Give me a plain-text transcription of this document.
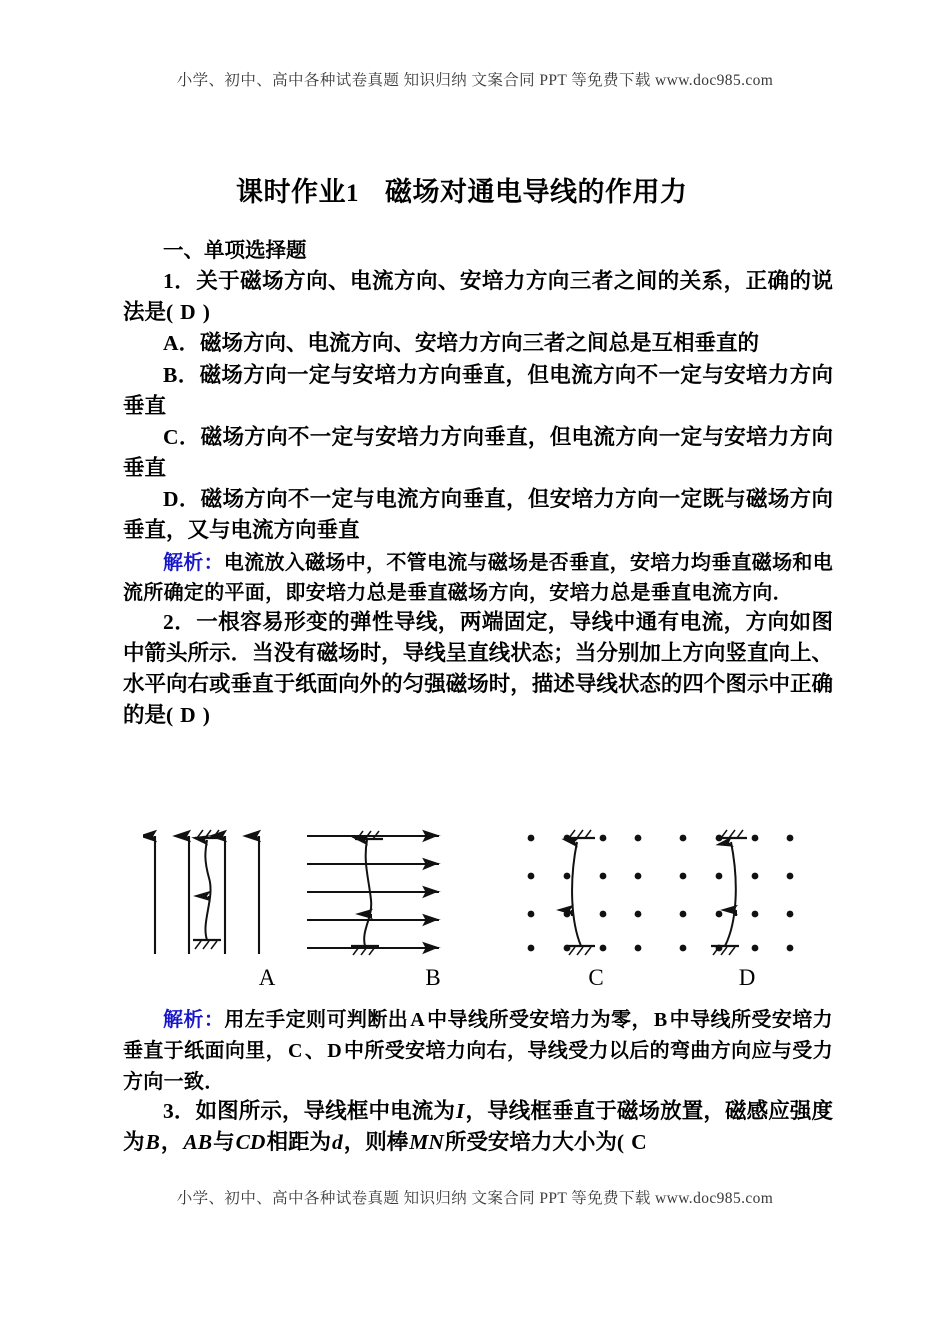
小学、初中、高中各种试卷真题 知识归纳 文案合同 PPT 等免费下载 www.doc985.com
课时作业1 磁场对通电导线的作用力

一、单项选择题

1．关于磁场方向、电流方向、安培力方向三者之间的关系，正确的说法是( D )

A．磁场方向、电流方向、安培力方向三者之间总是互相垂直的

B．磁场方向一定与安培力方向垂直，但电流方向不一定与安培力方向垂直

C．磁场方向不一定与安培力方向垂直，但电流方向一定与安培力方向垂直

D．磁场方向不一定与电流方向垂直，但安培力方向一定既与磁场方向垂直，又与电流方向垂直

解析：电流放入磁场中，不管电流与磁场是否垂直，安培力均垂直磁场和电流所确定的平面，即安培力总是垂直磁场方向，安培力总是垂直电流方向．

2．一根容易形变的弹性导线，两端固定，导线中通有电流，方向如图中箭头所示．当没有磁场时，导线呈直线状态；当分别加上方向竖直向上、水平向右或垂直于纸面向外的匀强磁场时，描述导线状态的四个图示中正确的是( D )

A	B	C	D

解析：用左手定则可判断出 A 中导线所受安培力为零， B 中导线所受安培力垂直于纸面向里， C 、 D 中所受安培力向右，导线受力以后的弯曲方向应与受力方向一致．

3．如图所示，导线框中电流为I，导线框垂直于磁场放置，磁感应强度为B，AB与CD相距为d，则棒MN所受安培力大小为( C

小学、初中、高中各种试卷真题 知识归纳 文案合同 PPT 等免费下载 www.doc985.com
